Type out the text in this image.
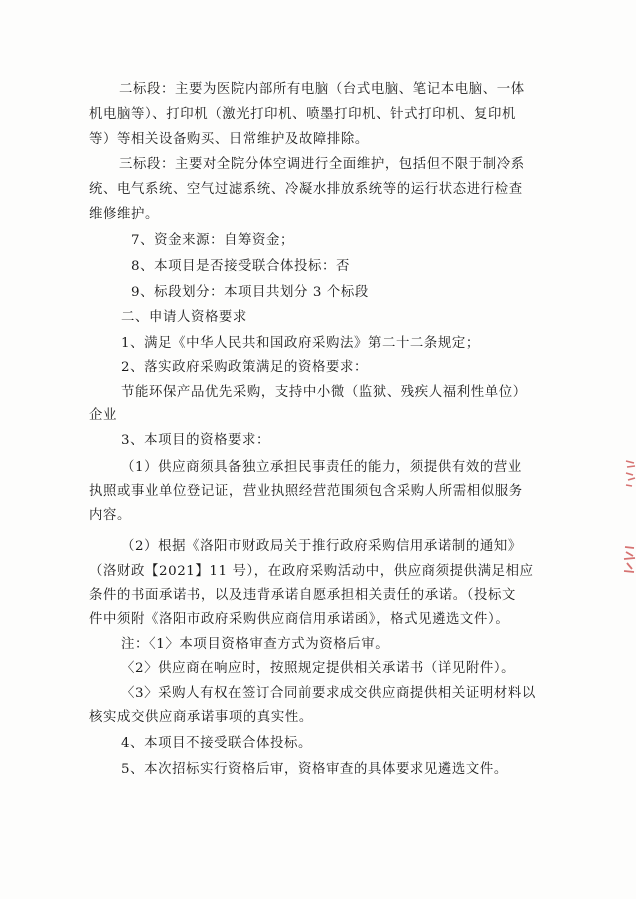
二标段：主要为医院内部所有电脑（台式电脑、笔记本电脑、一体
机电脑等）、打印机（激光打印机、喷墨打印机、针式打印机、复印机
等）等相关设备购买、日常维护及故障排除。
三标段：主要对全院分体空调进行全面维护，包括但不限于制冷系
统、电气系统、空气过滤系统、冷凝水排放系统等的运行状态进行检查
维修维护。
7、资金来源：自筹资金；
8、本项目是否接受联合体投标：否
9、标段划分：本项目共划分 3 个标段
二、申请人资格要求
1、满足《中华人民共和国政府采购法》第二十二条规定；
2、落实政府采购政策满足的资格要求：
节能环保产品优先采购，支持中小微（监狱、残疾人福利性单位）
企业
3、本项目的资格要求：
（1）供应商须具备独立承担民事责任的能力，须提供有效的营业
执照或事业单位登记证，营业执照经营范围须包含采购人所需相似服务
内容。
（2）根据《洛阳市财政局关于推行政府采购信用承诺制的通知》
（洛财政【2021】11 号），在政府采购活动中，供应商须提供满足相应
条件的书面承诺书，以及违背承诺自愿承担相关责任的承诺。（投标文
件中须附《洛阳市政府采购供应商信用承诺函》，格式见遴选文件）。
注：〈1〉本项目资格审查方式为资格后审。
〈2〉供应商在响应时，按照规定提供相关承诺书（详见附件）。
〈3〉采购人有权在签订合同前要求成交供应商提供相关证明材料以
核实成交供应商承诺事项的真实性。
4、本项目不接受联合体投标。
5、本次招标实行资格后审，资格审查的具体要求见遴选文件。
